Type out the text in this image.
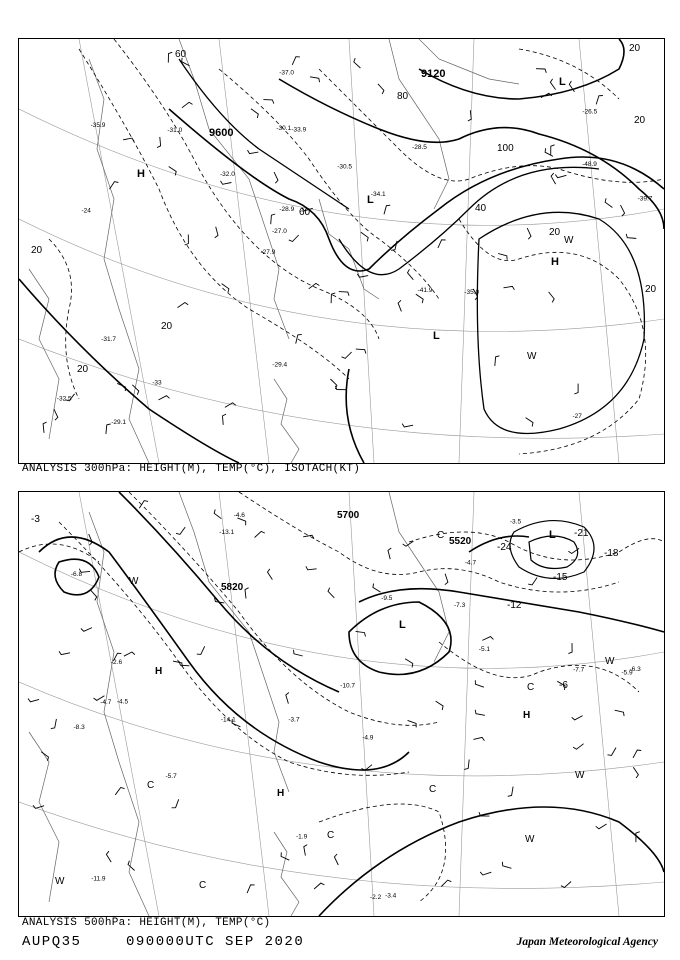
-27
-24
-26.5
-27.9
-28.5
-29.1
-30.1
-30.5
-31.7
-32.0
-32.5
-33
-33.9
-34.1
-35.0
-35.9
-37.0
-39.7
-41.9
-48.9
-27.0
-29.4
-28.9
-31.0 9600
9120
20
20
20
20
20
20
20
40
60
60
80
100
H
L
L
H
W
W
L
ANALYSIS 300hPa: HEIGHT(M), TEMP(°C), ISOTACH(KT)
-4.6
-4.7
-5.9
-3.7
-4.9
-4.5
-6.8
-7.3
-8.3
-9.5
-10.7
-11.9
-13.1
-14.1
-2.2 -3.4
-1.9
-3.5
-5.1
-5.7
-2.6
-4.7
-6.3
-7.7
5820
5700
5520
-3
-6
-12
-15
-18
-21
-24
W
H
L
C
C
H	C
W
W
H
C
W
W
C
L
C
ANALYSIS 500hPa: HEIGHT(M), TEMP(°C)
AUPQ35	090000UTC SEP 2020	Japan Meteorological Agency
